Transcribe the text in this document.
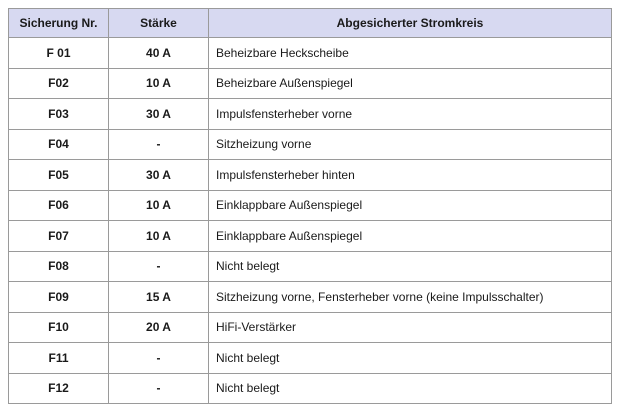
Sicherung Nr.	Stärke	Abgesicherter Stromkreis
F 01	40 A	Beheizbare Heckscheibe
F02	10 A	Beheizbare Außenspiegel
F03	30 A	Impulsfensterheber vorne
F04	-	Sitzheizung vorne
F05	30 A	Impulsfensterheber hinten
F06	10 A	Einklappbare Außenspiegel
F07	10 A	Einklappbare Außenspiegel
F08	-	Nicht belegt
F09	15 A	Sitzheizung vorne, Fensterheber vorne (keine Impulsschalter)
F10	20 A	HiFi-Verstärker
F11	-	Nicht belegt
F12	-	Nicht belegt
